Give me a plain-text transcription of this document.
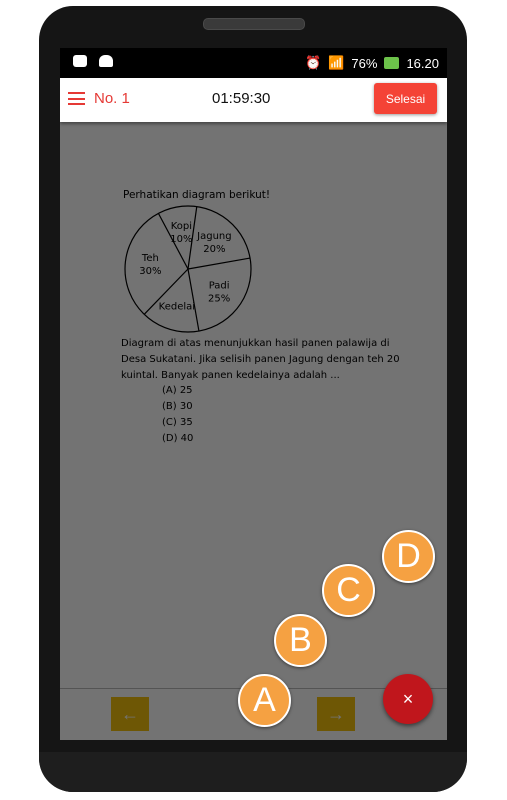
⏰ 📶 76% 16.20
No. 1	01:59:30	Selesai
A
B
C
D
×
